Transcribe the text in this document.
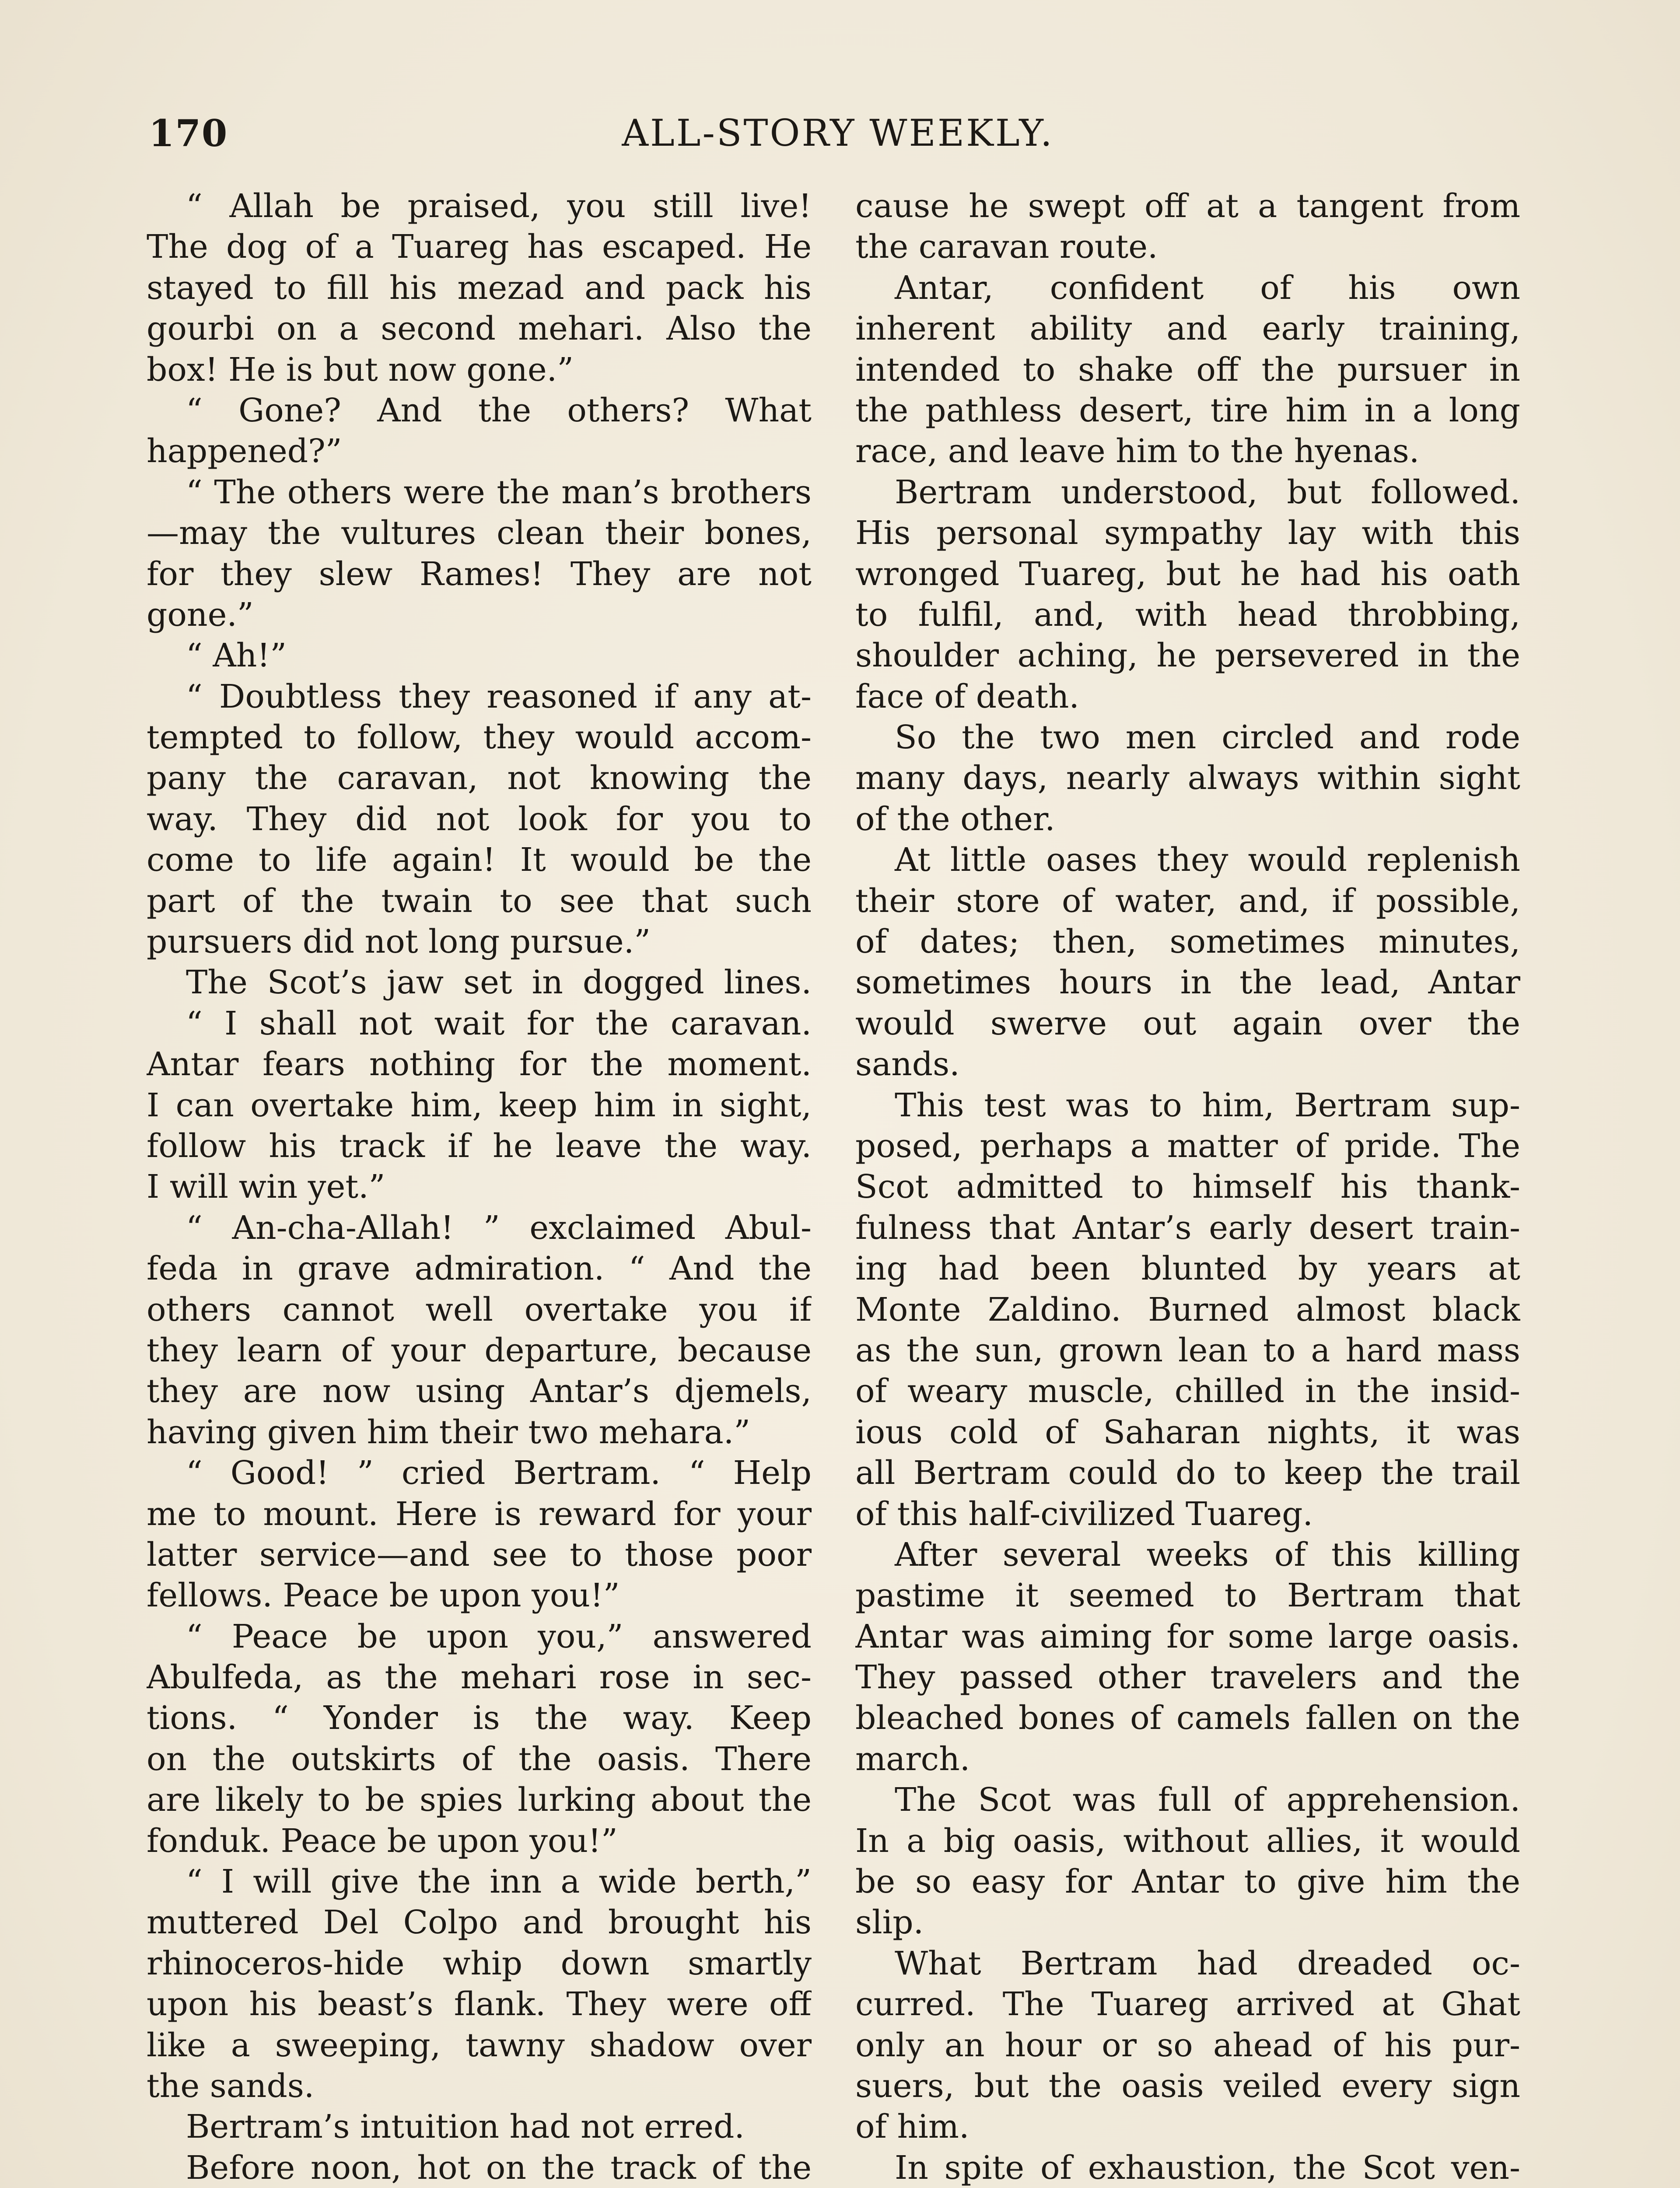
170	ALL-STORY WEEKLY.
“ Allah be praised, you still live!
The dog of a Tuareg has escaped. He
stayed to fill his mezad and pack his
gourbi on a second mehari. Also the
box! He is but now gone.”
“ Gone? And the others? What
happened?”
“ The others were the man’s brothers
—may the vultures clean their bones,
for they slew Rames! They are not
gone.”
“ Ah!”
“ Doubtless they reasoned if any at-
tempted to follow, they would accom-
pany the caravan, not knowing the
way. They did not look for you to
come to life again! It would be the
part of the twain to see that such
pursuers did not long pursue.”
The Scot’s jaw set in dogged lines.
“ I shall not wait for the caravan.
Antar fears nothing for the moment.
I can overtake him, keep him in sight,
follow his track if he leave the way.
I will win yet.”
“ An-cha-Allah! ” exclaimed Abul-
feda in grave admiration. “ And the
others cannot well overtake you if
they learn of your departure, because
they are now using Antar’s djemels,
having given him their two mehara.”
“ Good! ” cried Bertram. “ Help
me to mount. Here is reward for your
latter service—and see to those poor
fellows. Peace be upon you!”
“ Peace be upon you,” answered
Abulfeda, as the mehari rose in sec-
tions. “ Yonder is the way. Keep
on the outskirts of the oasis. There
are likely to be spies lurking about the
fonduk. Peace be upon you!”
“ I will give the inn a wide berth,”
muttered Del Colpo and brought his
rhinoceros-hide whip down smartly
upon his beast’s flank. They were off
like a sweeping, tawny shadow over
the sands.
Bertram’s intuition had not erred.
Before noon, hot on the track of the
cause he swept off at a tangent from
the caravan route.
Antar, confident of his own
inherent ability and early training,
intended to shake off the pursuer in
the pathless desert, tire him in a long
race, and leave him to the hyenas.
Bertram understood, but followed.
His personal sympathy lay with this
wronged Tuareg, but he had his oath
to fulfil, and, with head throbbing,
shoulder aching, he persevered in the
face of death.
So the two men circled and rode
many days, nearly always within sight
of the other.
At little oases they would replenish
their store of water, and, if possible,
of dates; then, sometimes minutes,
sometimes hours in the lead, Antar
would swerve out again over the
sands.
This test was to him, Bertram sup-
posed, perhaps a matter of pride. The
Scot admitted to himself his thank-
fulness that Antar’s early desert train-
ing had been blunted by years at
Monte Zaldino. Burned almost black
as the sun, grown lean to a hard mass
of weary muscle, chilled in the insid-
ious cold of Saharan nights, it was
all Bertram could do to keep the trail
of this half-civilized Tuareg.
After several weeks of this killing
pastime it seemed to Bertram that
Antar was aiming for some large oasis.
They passed other travelers and the
bleached bones of camels fallen on the
march.
The Scot was full of apprehension.
In a big oasis, without allies, it would
be so easy for Antar to give him the
slip.
What Bertram had dreaded oc-
curred. The Tuareg arrived at Ghat
only an hour or so ahead of his pur-
suers, but the oasis veiled every sign
of him.
In spite of exhaustion, the Scot ven-
